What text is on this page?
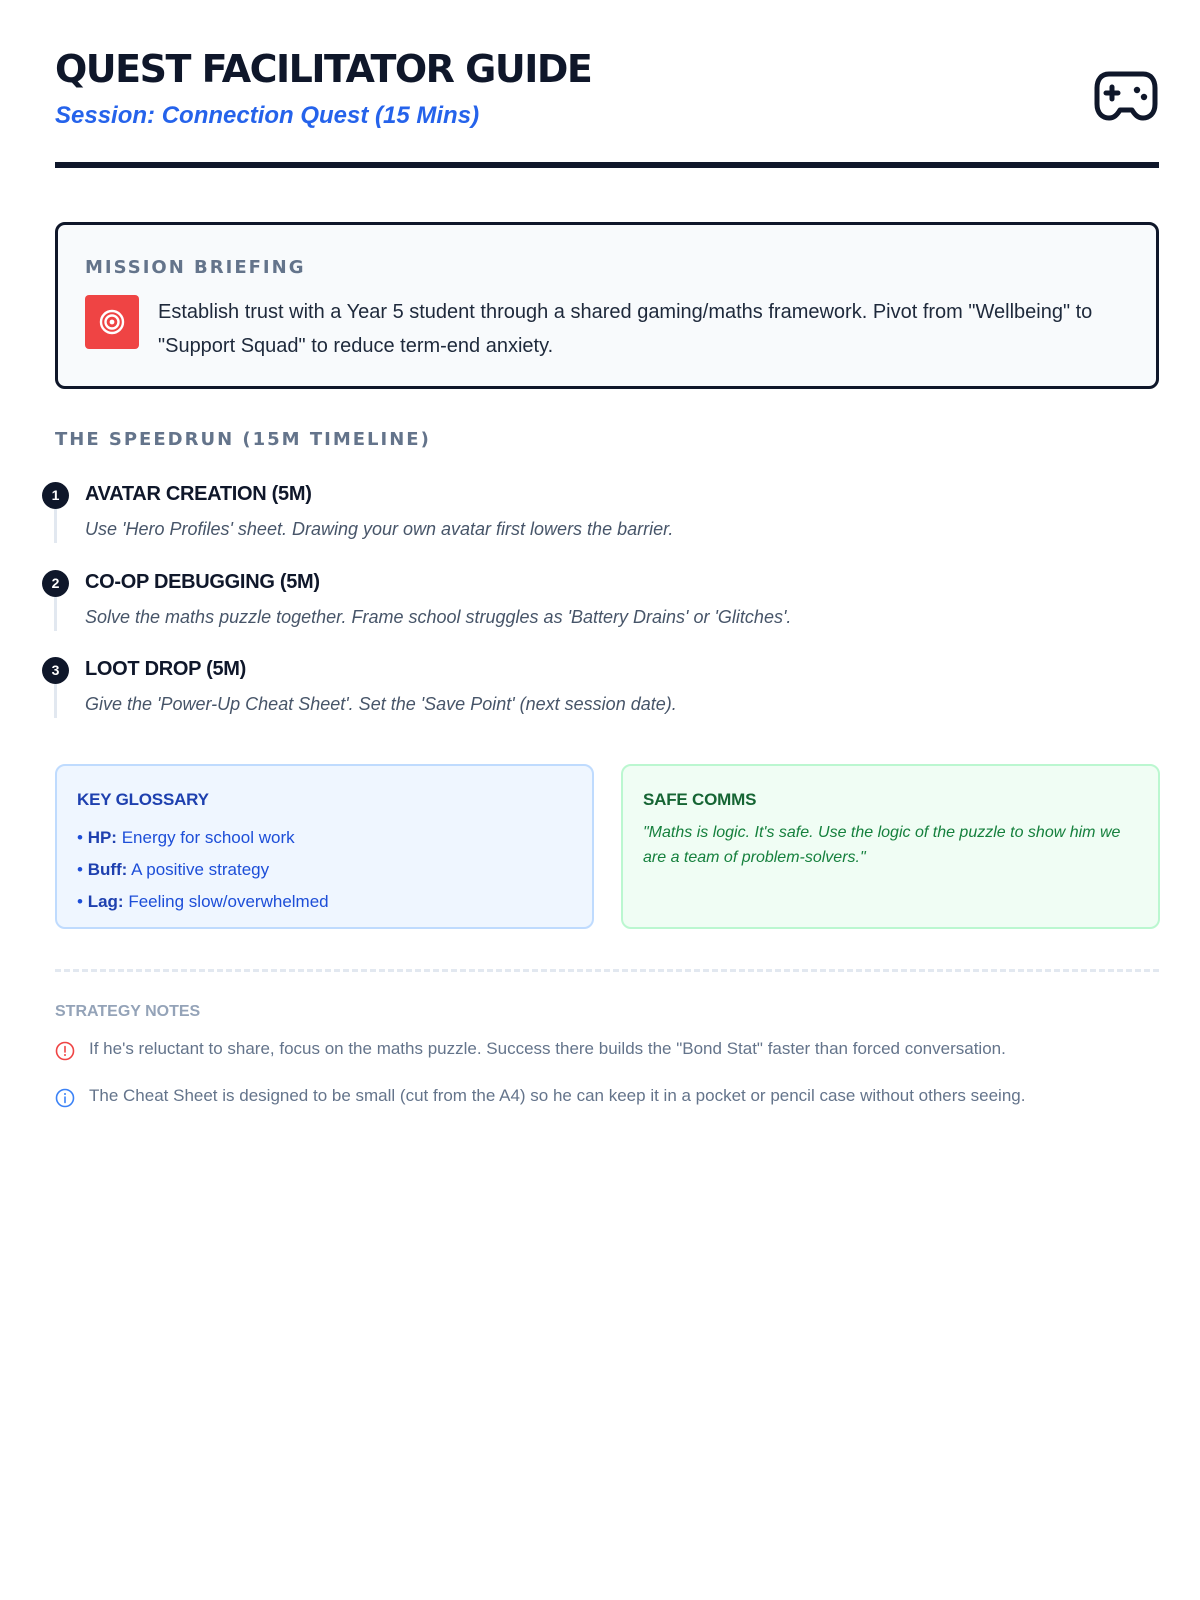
QUEST FACILITATOR GUIDE

Session: Connection Quest (15 Mins)

MISSION BRIEFING

Establish trust with a Year 5 student through a shared gaming/maths framework. Pivot from "Wellbeing" to "Support Squad" to reduce term-end anxiety.

THE SPEEDRUN (15M TIMELINE)
1	AVATAR CREATION (5M)

Use 'Hero Profiles' sheet. Drawing your own avatar first lowers the barrier.

2	CO-OP DEBUGGING (5M)

Solve the maths puzzle together. Frame school struggles as 'Battery Drains' or 'Glitches'.

3	LOOT DROP (5M)

Give the 'Power-Up Cheat Sheet'. Set the 'Save Point' (next session date).

KEY GLOSSARY
• HP: Energy for school work
• Buff: A positive strategy
• Lag: Feeling slow/overwhelmed
SAFE COMMS

"Maths is logic. It's safe. Use the logic of the puzzle to show him we are a team of problem-solvers."

STRATEGY NOTES

If he's reluctant to share, focus on the maths puzzle. Success there builds the "Bond Stat" faster than forced conversation.

The Cheat Sheet is designed to be small (cut from the A4) so he can keep it in a pocket or pencil case without others seeing.
